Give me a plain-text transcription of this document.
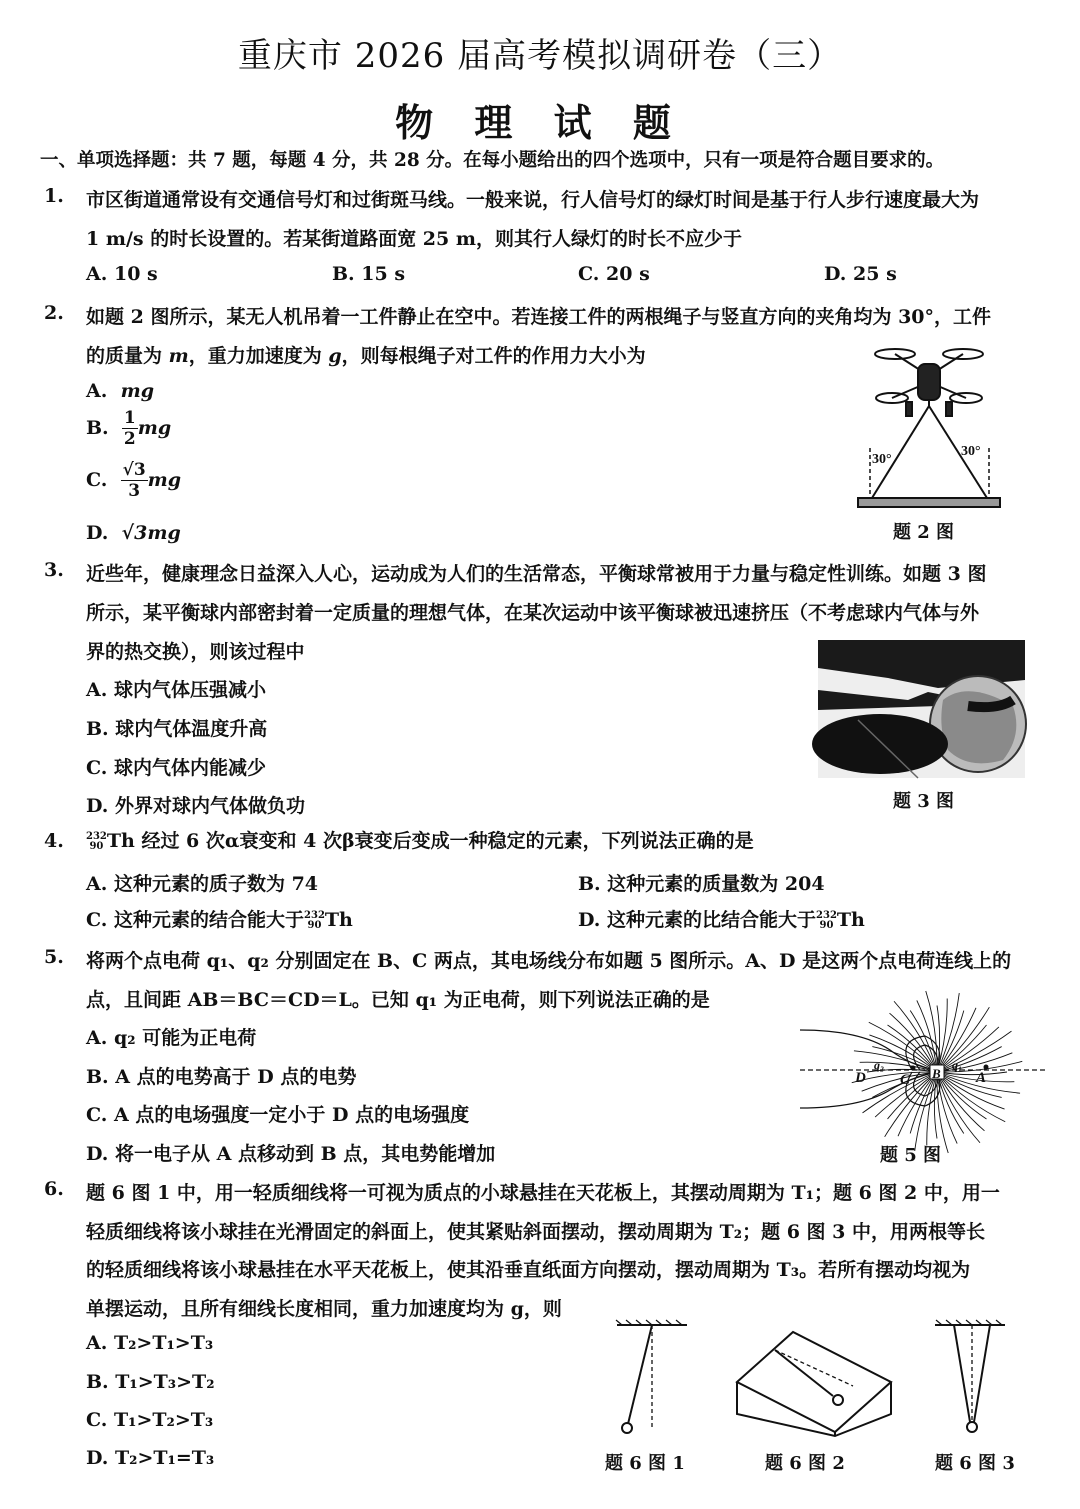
重庆市 2026 届高考模拟调研卷（三）
物 理 试 题
一、单项选择题：共 7 题，每题 4 分，共 28 分。在每小题给出的四个选项中，只有一项是符合题目要求的。
1. 市区街道通常设有交通信号灯和过街斑马线。一般来说，行人信号灯的绿灯时间是基于行人步行速度最大为
1 m/s 的时长设置的。若某街道路面宽 25 m，则其行人绿灯的时长不应少于
A. 10 s	B. 15 s	C. 20 s	D. 25 s
2. 如题 2 图所示，某无人机吊着一工件静止在空中。若连接工件的两根绳子与竖直方向的夹角均为 30°，工件
的质量为 m，重力加速度为 g，则每根绳子对工件的作用力大小为
A. mg
B. $\frac{1}{2}$ mg
C. $\frac{√3}{3}$ mg
D. √3mg
30°
30°
题 2 图
3. 近些年，健康理念日益深入人心，运动成为人们的生活常态，平衡球常被用于力量与稳定性训练。如题 3 图
所示，某平衡球内部密封着一定质量的理想气体，在某次运动中该平衡球被迅速挤压（不考虑球内气体与外
界的热交换），则该过程中
A. 球内气体压强减小
B. 球内气体温度升高
C. 球内气体内能减少
D. 外界对球内气体做负功	题 3 图
4. 232
90 Th 经过 6 次α衰变和 4 次β衰变后变成一种稳定的元素，下列说法正确的是
A. 这种元素的质子数为 74	B. 这种元素的质量数为 204
C. 这种元素的结合能大于 232
90 Th	D. 这种元素的比结合能大于 232
90 Th
5. 将两个点电荷 q₁、q₂ 分别固定在 B、C 两点，其电场线分布如题 5 图所示。A、D 是这两个点电荷连线上的
点，且间距 AB＝BC＝CD＝L。已知 q₁ 为正电荷，则下列说法正确的是
A. q₂ 可能为正电荷
B. A 点的电势高于 D 点的电势
C. A 点的电场强度一定小于 D 点的电场强度
D. 将一电子从 A 点移动到 B 点，其电势能增加
D
q₂
C B
q₁
A
题 5 图
6. 题 6 图 1 中，用一轻质细线将一可视为质点的小球悬挂在天花板上，其摆动周期为 T₁；题 6 图 2 中，用一
轻质细线将该小球挂在光滑固定的斜面上，使其紧贴斜面摆动，摆动周期为 T₂；题 6 图 3 中，用两根等长
的轻质细线将该小球悬挂在水平天花板上，使其沿垂直纸面方向摆动，摆动周期为 T₃。若所有摆动均视为
单摆运动，且所有细线长度相同，重力加速度均为 g，则
A. T₂>T₁>T₃
B. T₁>T₃>T₂
C. T₁>T₂>T₃
D. T₂>T₁=T₃	题 6 图 1	题 6 图 2	题 6 图 3
